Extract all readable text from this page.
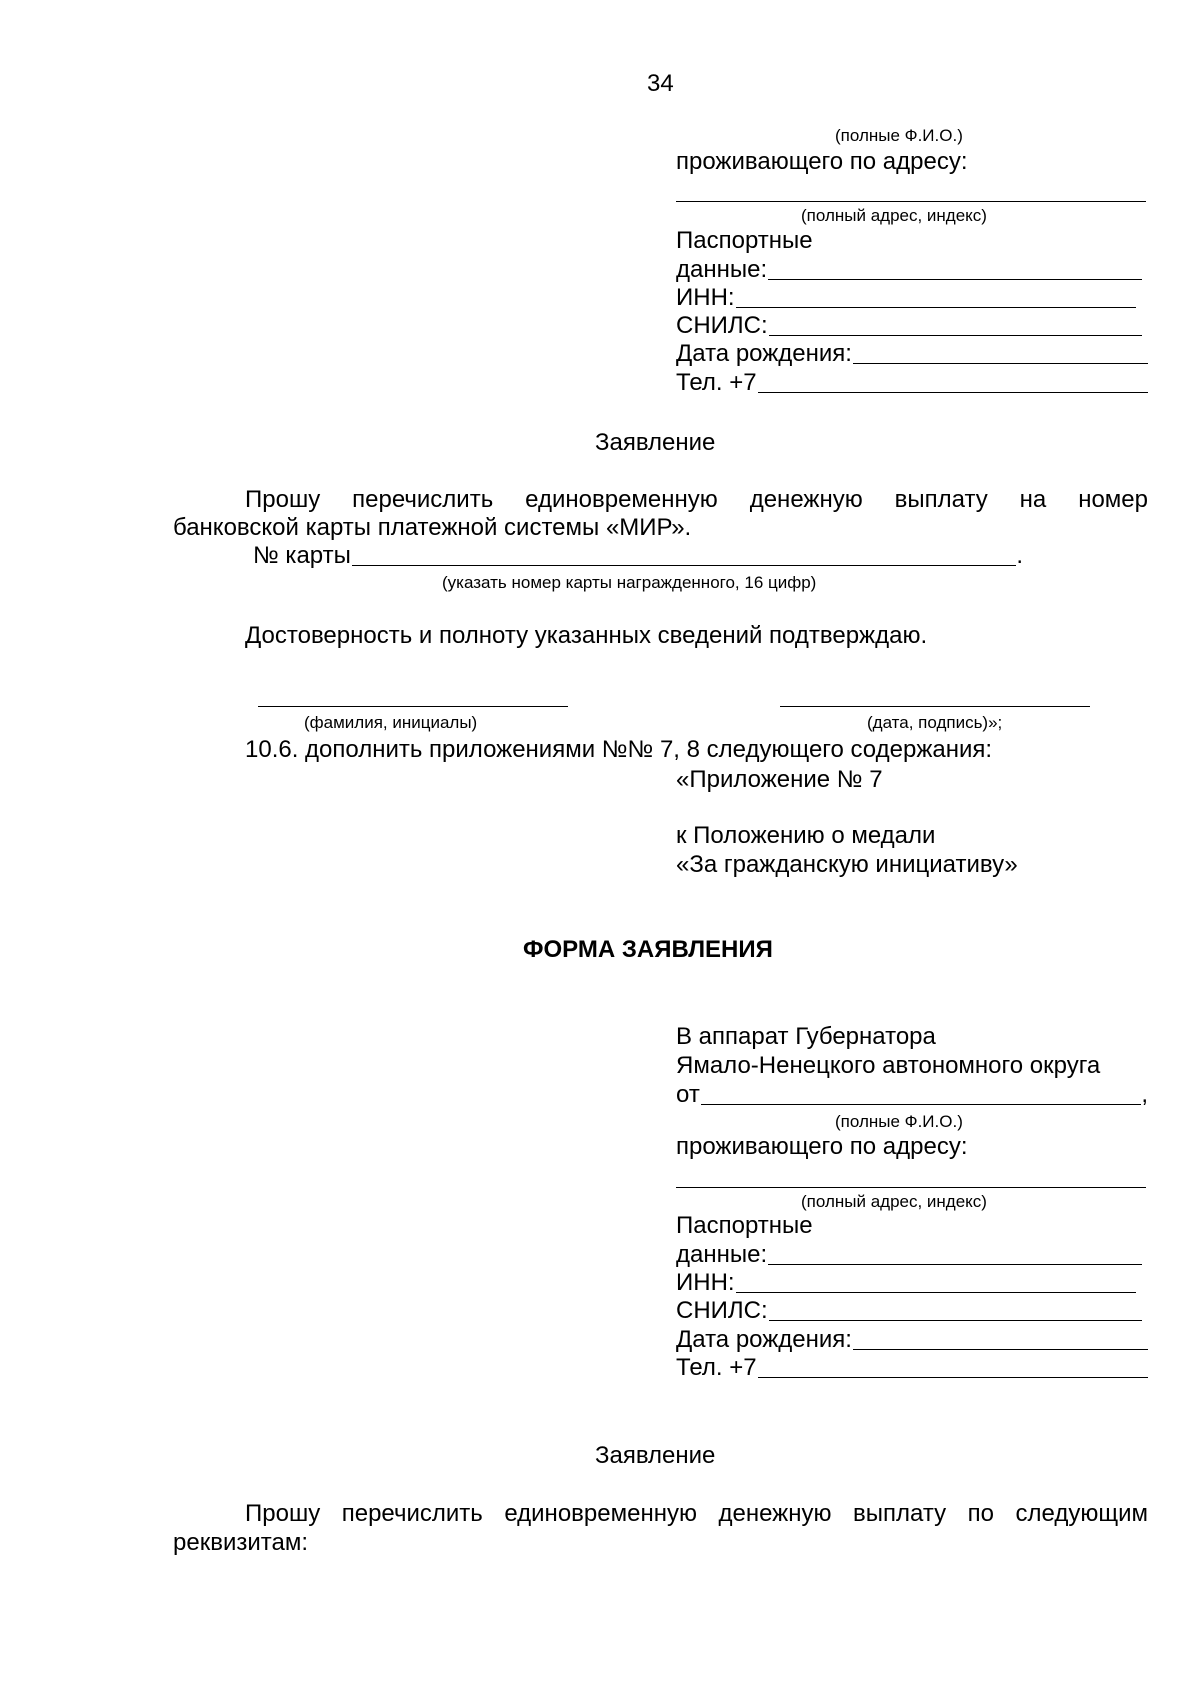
34
(полные Ф.И.О.)
проживающего по адресу:
(полный адрес, индекс)
Паспортные
данные:
ИНН:
СНИЛС:
Дата рождения:
Тел. +7
Заявление
Прошу перечислить единовременную денежную выплату на номер
банковской карты платежной системы «МИР».
№ карты	.
(указать номер карты награжденного, 16 цифр)
Достоверность и полноту указанных сведений подтверждаю.
(фамилия, инициалы)	(дата, подпись)»;
10.6. дополнить приложениями №№ 7, 8 следующего содержания:
«Приложение № 7
к Положению о медали
«За гражданскую инициативу»
ФОРМА ЗАЯВЛЕНИЯ
В аппарат Губернатора
Ямало-Ненецкого автономного округа
от	,
(полные Ф.И.О.)
проживающего по адресу:
(полный адрес, индекс)
Паспортные
данные:
ИНН:
СНИЛС:
Дата рождения:
Тел. +7
Заявление
Прошу перечислить единовременную денежную выплату по следующим
реквизитам:
